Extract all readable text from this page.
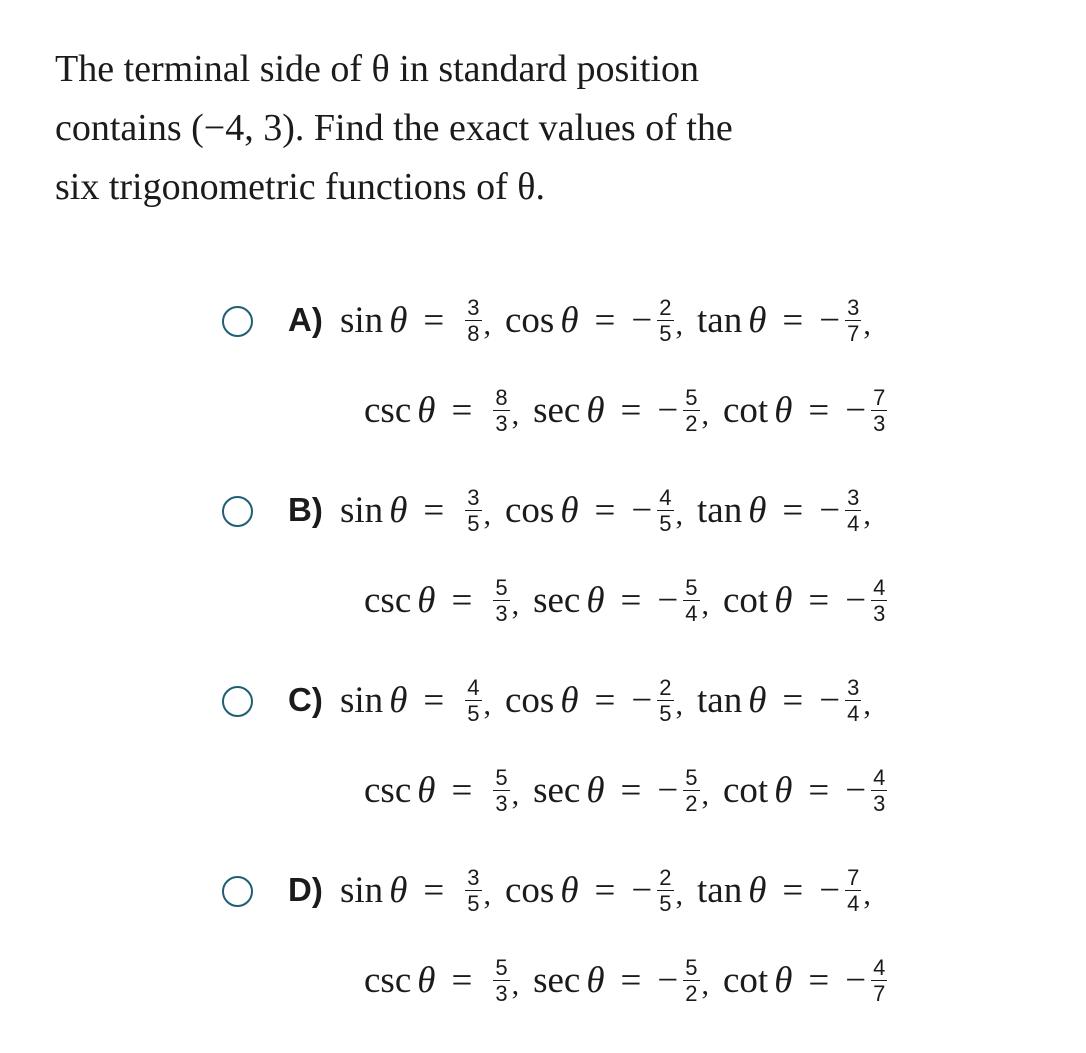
The terminal side of θ in standard position
contains (−4, 3). Find the exact values of the
six trigonometric functions of θ.
A) $\sin \theta = \frac{3}{8}$ , cos θ = − $\frac{2}{5}$ , tan θ = − $\frac{3}{7}$ ,
$\csc \theta = \frac{8}{3}$ , sec θ = − $\frac{5}{2}$ , cot θ = − $\frac{7}{3}$
B) $\sin \theta = \frac{3}{5}$ , cos θ = − $\frac{4}{5}$ , tan θ = − $\frac{3}{4}$ ,
$\csc \theta = \frac{5}{3}$ , sec θ = − $\frac{5}{4}$ , cot θ = − $\frac{4}{3}$
C) $\sin \theta = \frac{4}{5}$ , cos θ = − $\frac{2}{5}$ , tan θ = − $\frac{3}{4}$ ,
$\csc \theta = \frac{5}{3}$ , sec θ = − $\frac{5}{2}$ , cot θ = − $\frac{4}{3}$
D) $\sin \theta = \frac{3}{5}$ , cos θ = − $\frac{2}{5}$ , tan θ = − $\frac{7}{4}$ ,
$\csc \theta = \frac{5}{3}$ , sec θ = − $\frac{5}{2}$ , cot θ = − $\frac{4}{7}$
